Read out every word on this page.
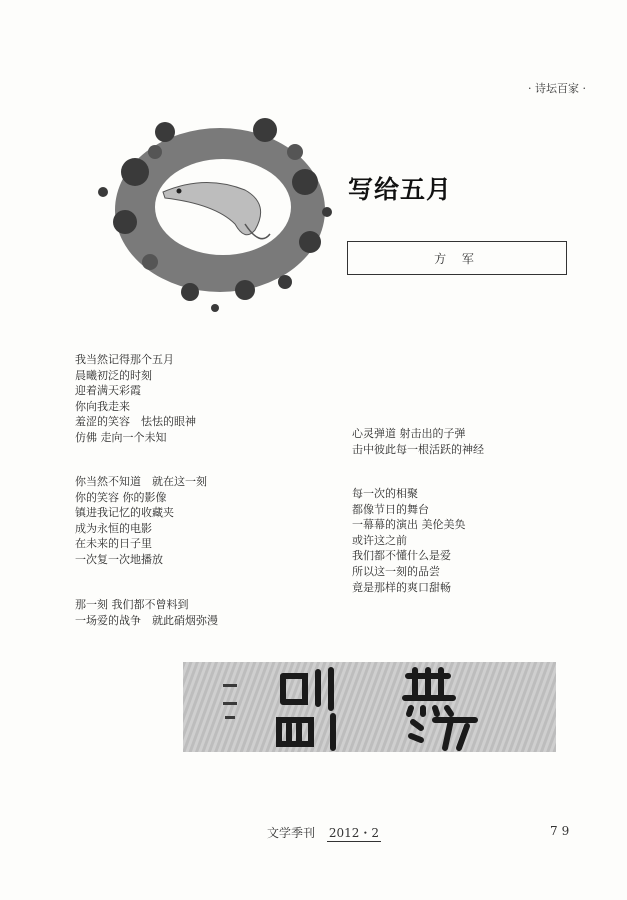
· 诗坛百家 ·
写给五月
方 军
我当然记得那个五月
晨曦初泛的时刻
迎着满天彩霞
你向我走来
羞涩的笑容　怯怯的眼神
仿佛 走向一个未知
你当然不知道　就在这一刻
你的笑容 你的影像
镇进我记忆的收藏夹
成为永恒的电影
在未来的日子里
一次复一次地播放
那一刻 我们都不曾料到
一场爱的战争　就此硝烟弥漫
心灵弹道 射击出的子弹
击中彼此每一根活跃的神经
每一次的相聚
都像节日的舞台
一幕幕的演出 美伦美奂
或许这之前
我们都不懂什么是爱
所以这一刻的品尝
竟是那样的爽口甜畅
文学季刊 2012・2	79
